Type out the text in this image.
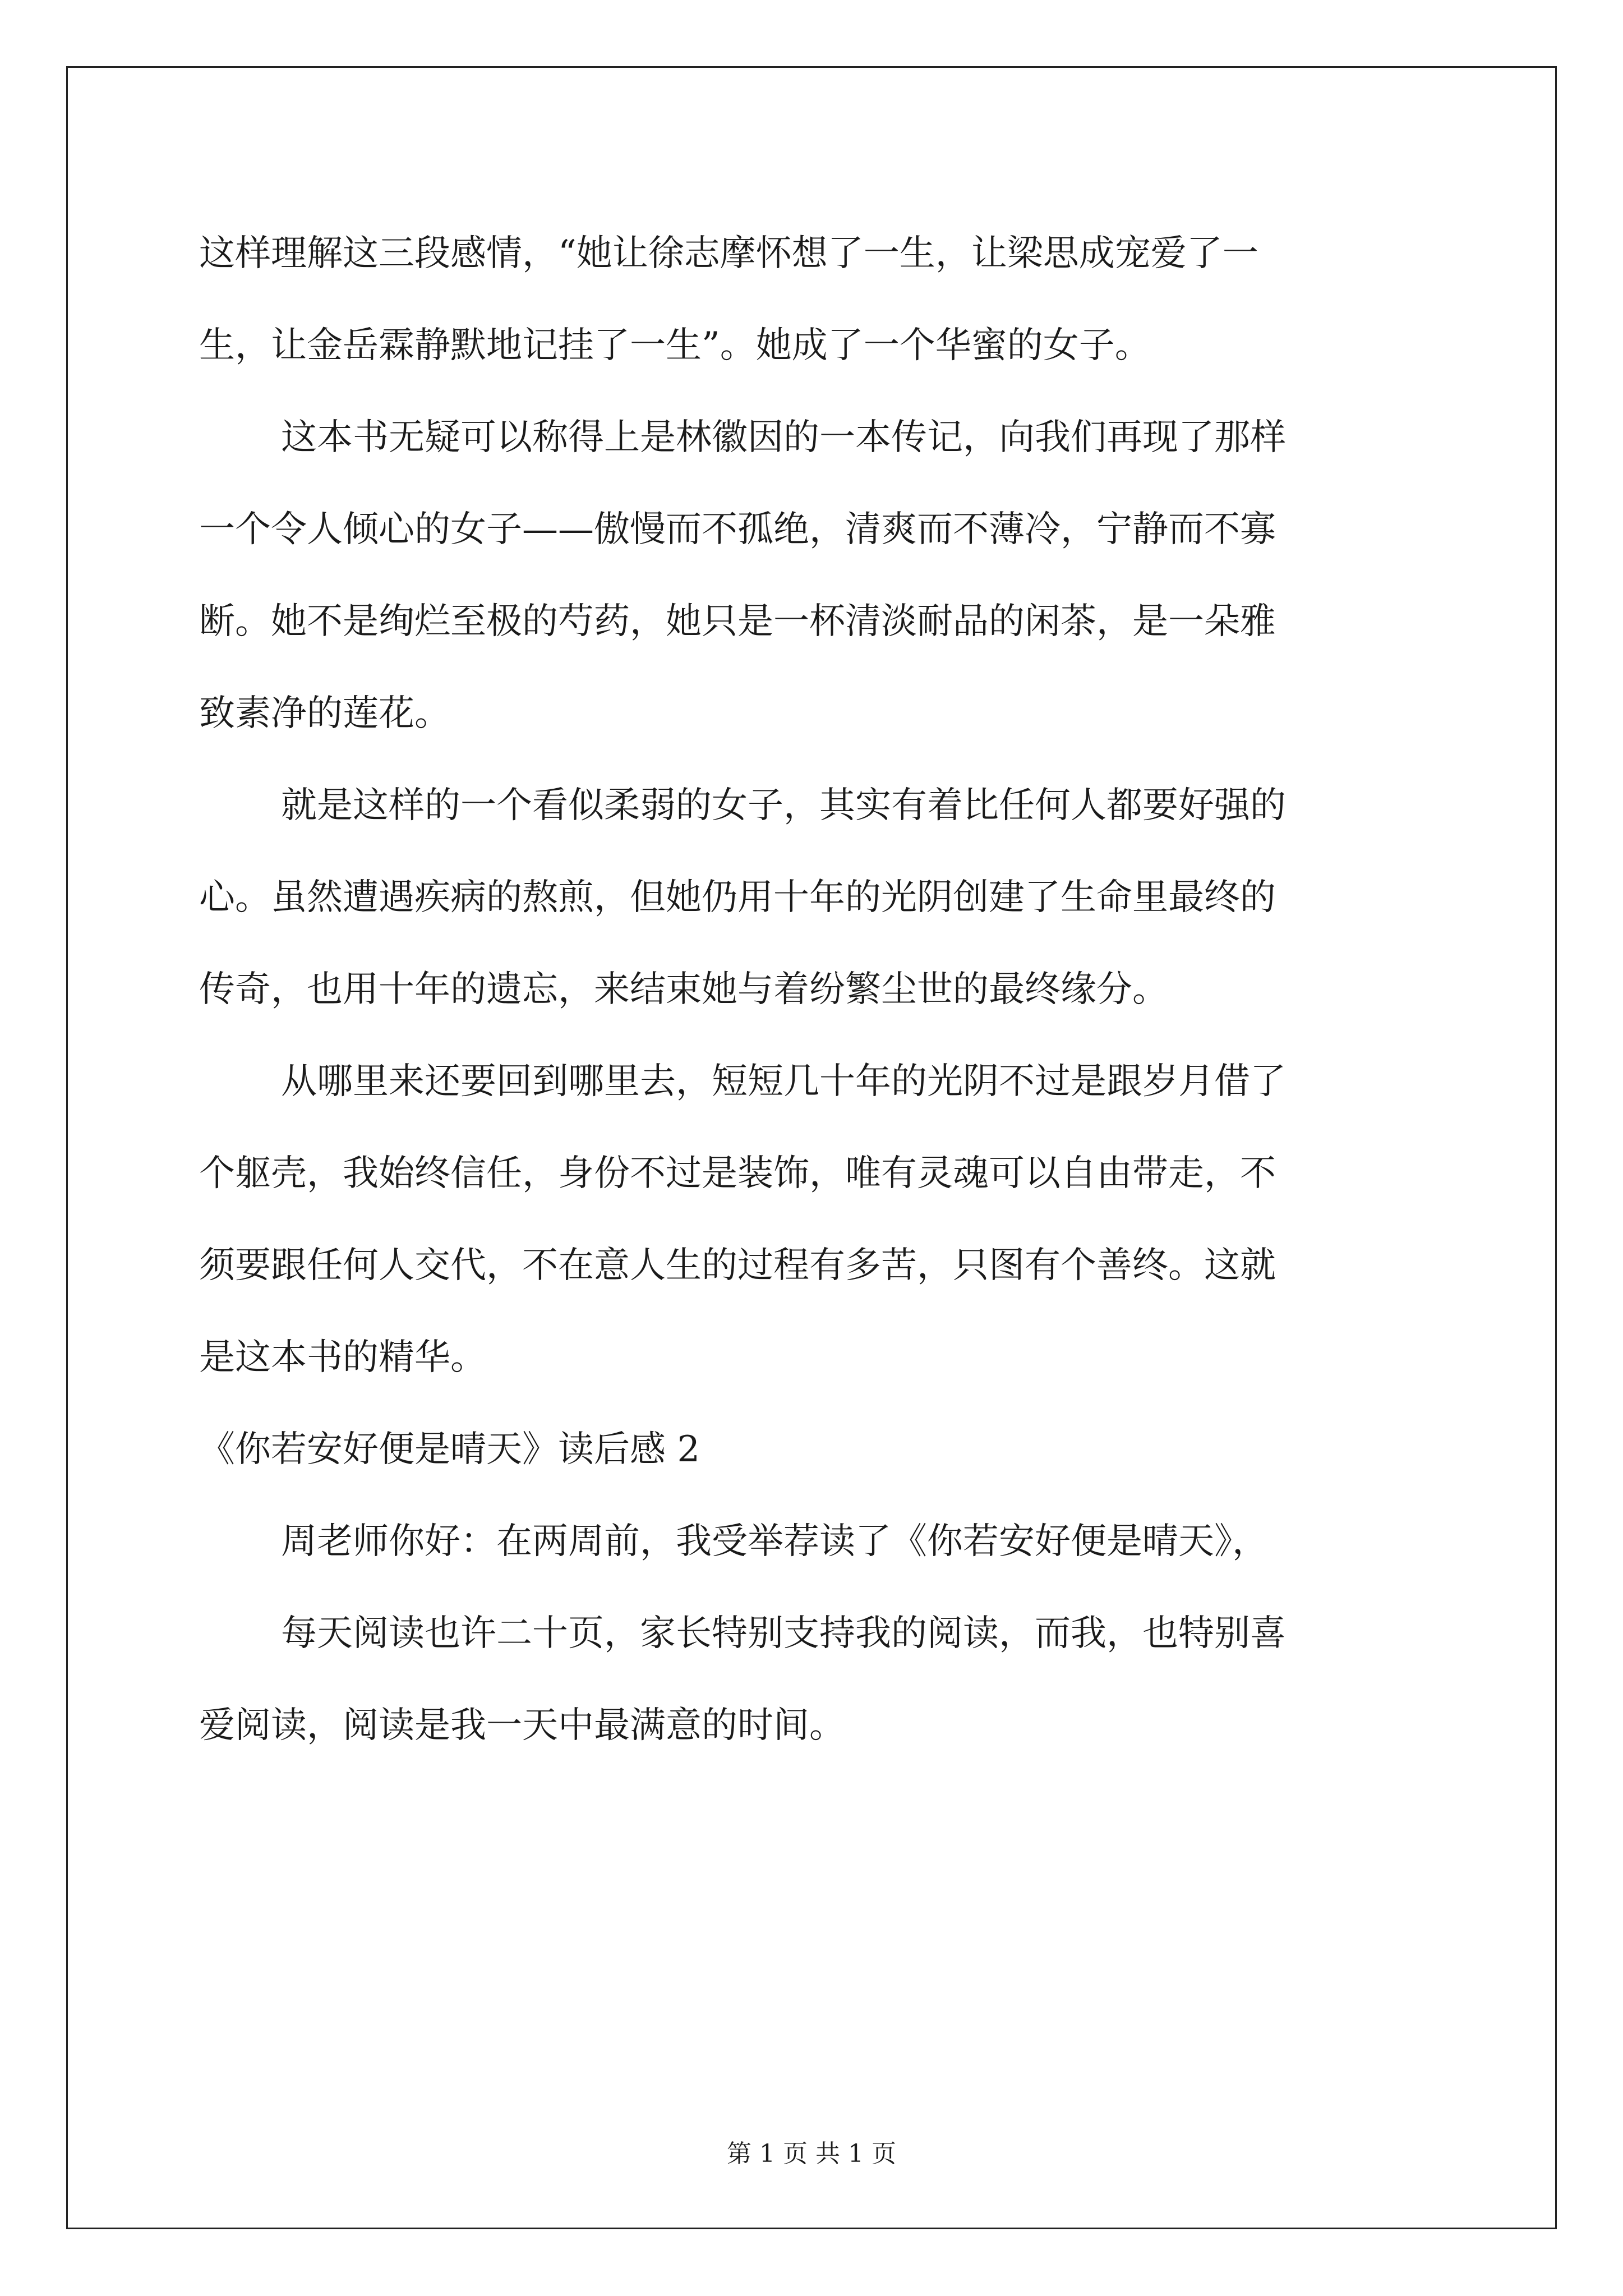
这样理解这三段感情，“她让徐志摩怀想了一生，让梁思成宠爱了一
生，让金岳霖静默地记挂了一生”。她成了一个华蜜的女子。
这本书无疑可以称得上是林徽因的一本传记，向我们再现了那样
一个令人倾心的女子——傲慢而不孤绝，清爽而不薄冷，宁静而不寡
断。她不是绚烂至极的芍药，她只是一杯清淡耐品的闲茶，是一朵雅
致素净的莲花。
就是这样的一个看似柔弱的女子，其实有着比任何人都要好强的
心。虽然遭遇疾病的熬煎，但她仍用十年的光阴创建了生命里最终的
传奇，也用十年的遗忘，来结束她与着纷繁尘世的最终缘分。
从哪里来还要回到哪里去，短短几十年的光阴不过是跟岁月借了
个躯壳，我始终信任，身份不过是装饰，唯有灵魂可以自由带走，不
须要跟任何人交代，不在意人生的过程有多苦，只图有个善终。这就
是这本书的精华。
《你若安好便是晴天》读后感 2
周老师你好：在两周前，我受举荐读了《你若安好便是晴天》，
每天阅读也许二十页，家长特别支持我的阅读，而我，也特别喜
爱阅读，阅读是我一天中最满意的时间。
第 1 页 共 1 页
